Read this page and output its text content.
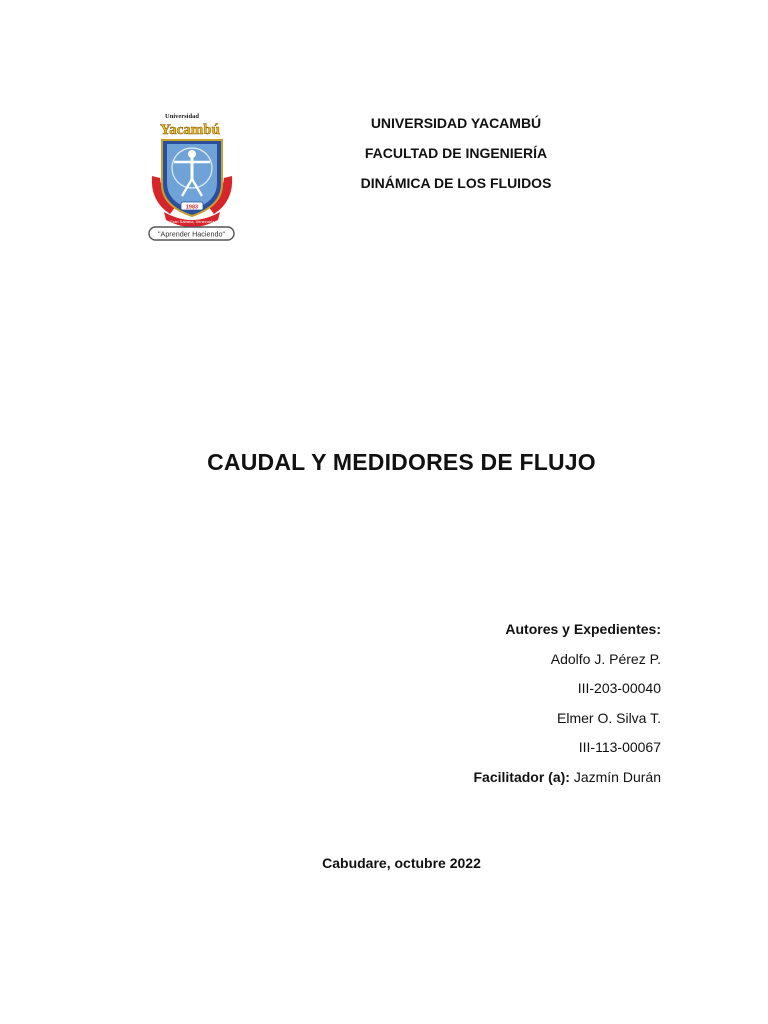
Universidad
Yacambú
1983
Gran Sabana, Venezuela
"Aprender Haciendo"
UNIVERSIDAD YACAMBÚ
FACULTAD DE INGENIERÍA
DINÁMICA DE LOS FLUIDOS
CAUDAL Y MEDIDORES DE FLUJO
Autores y Expedientes:
Adolfo J. Pérez P.
III-203-00040
Elmer O. Silva T.
III-113-00067
Facilitador (a): Jazmín Durán
Cabudare, octubre 2022
